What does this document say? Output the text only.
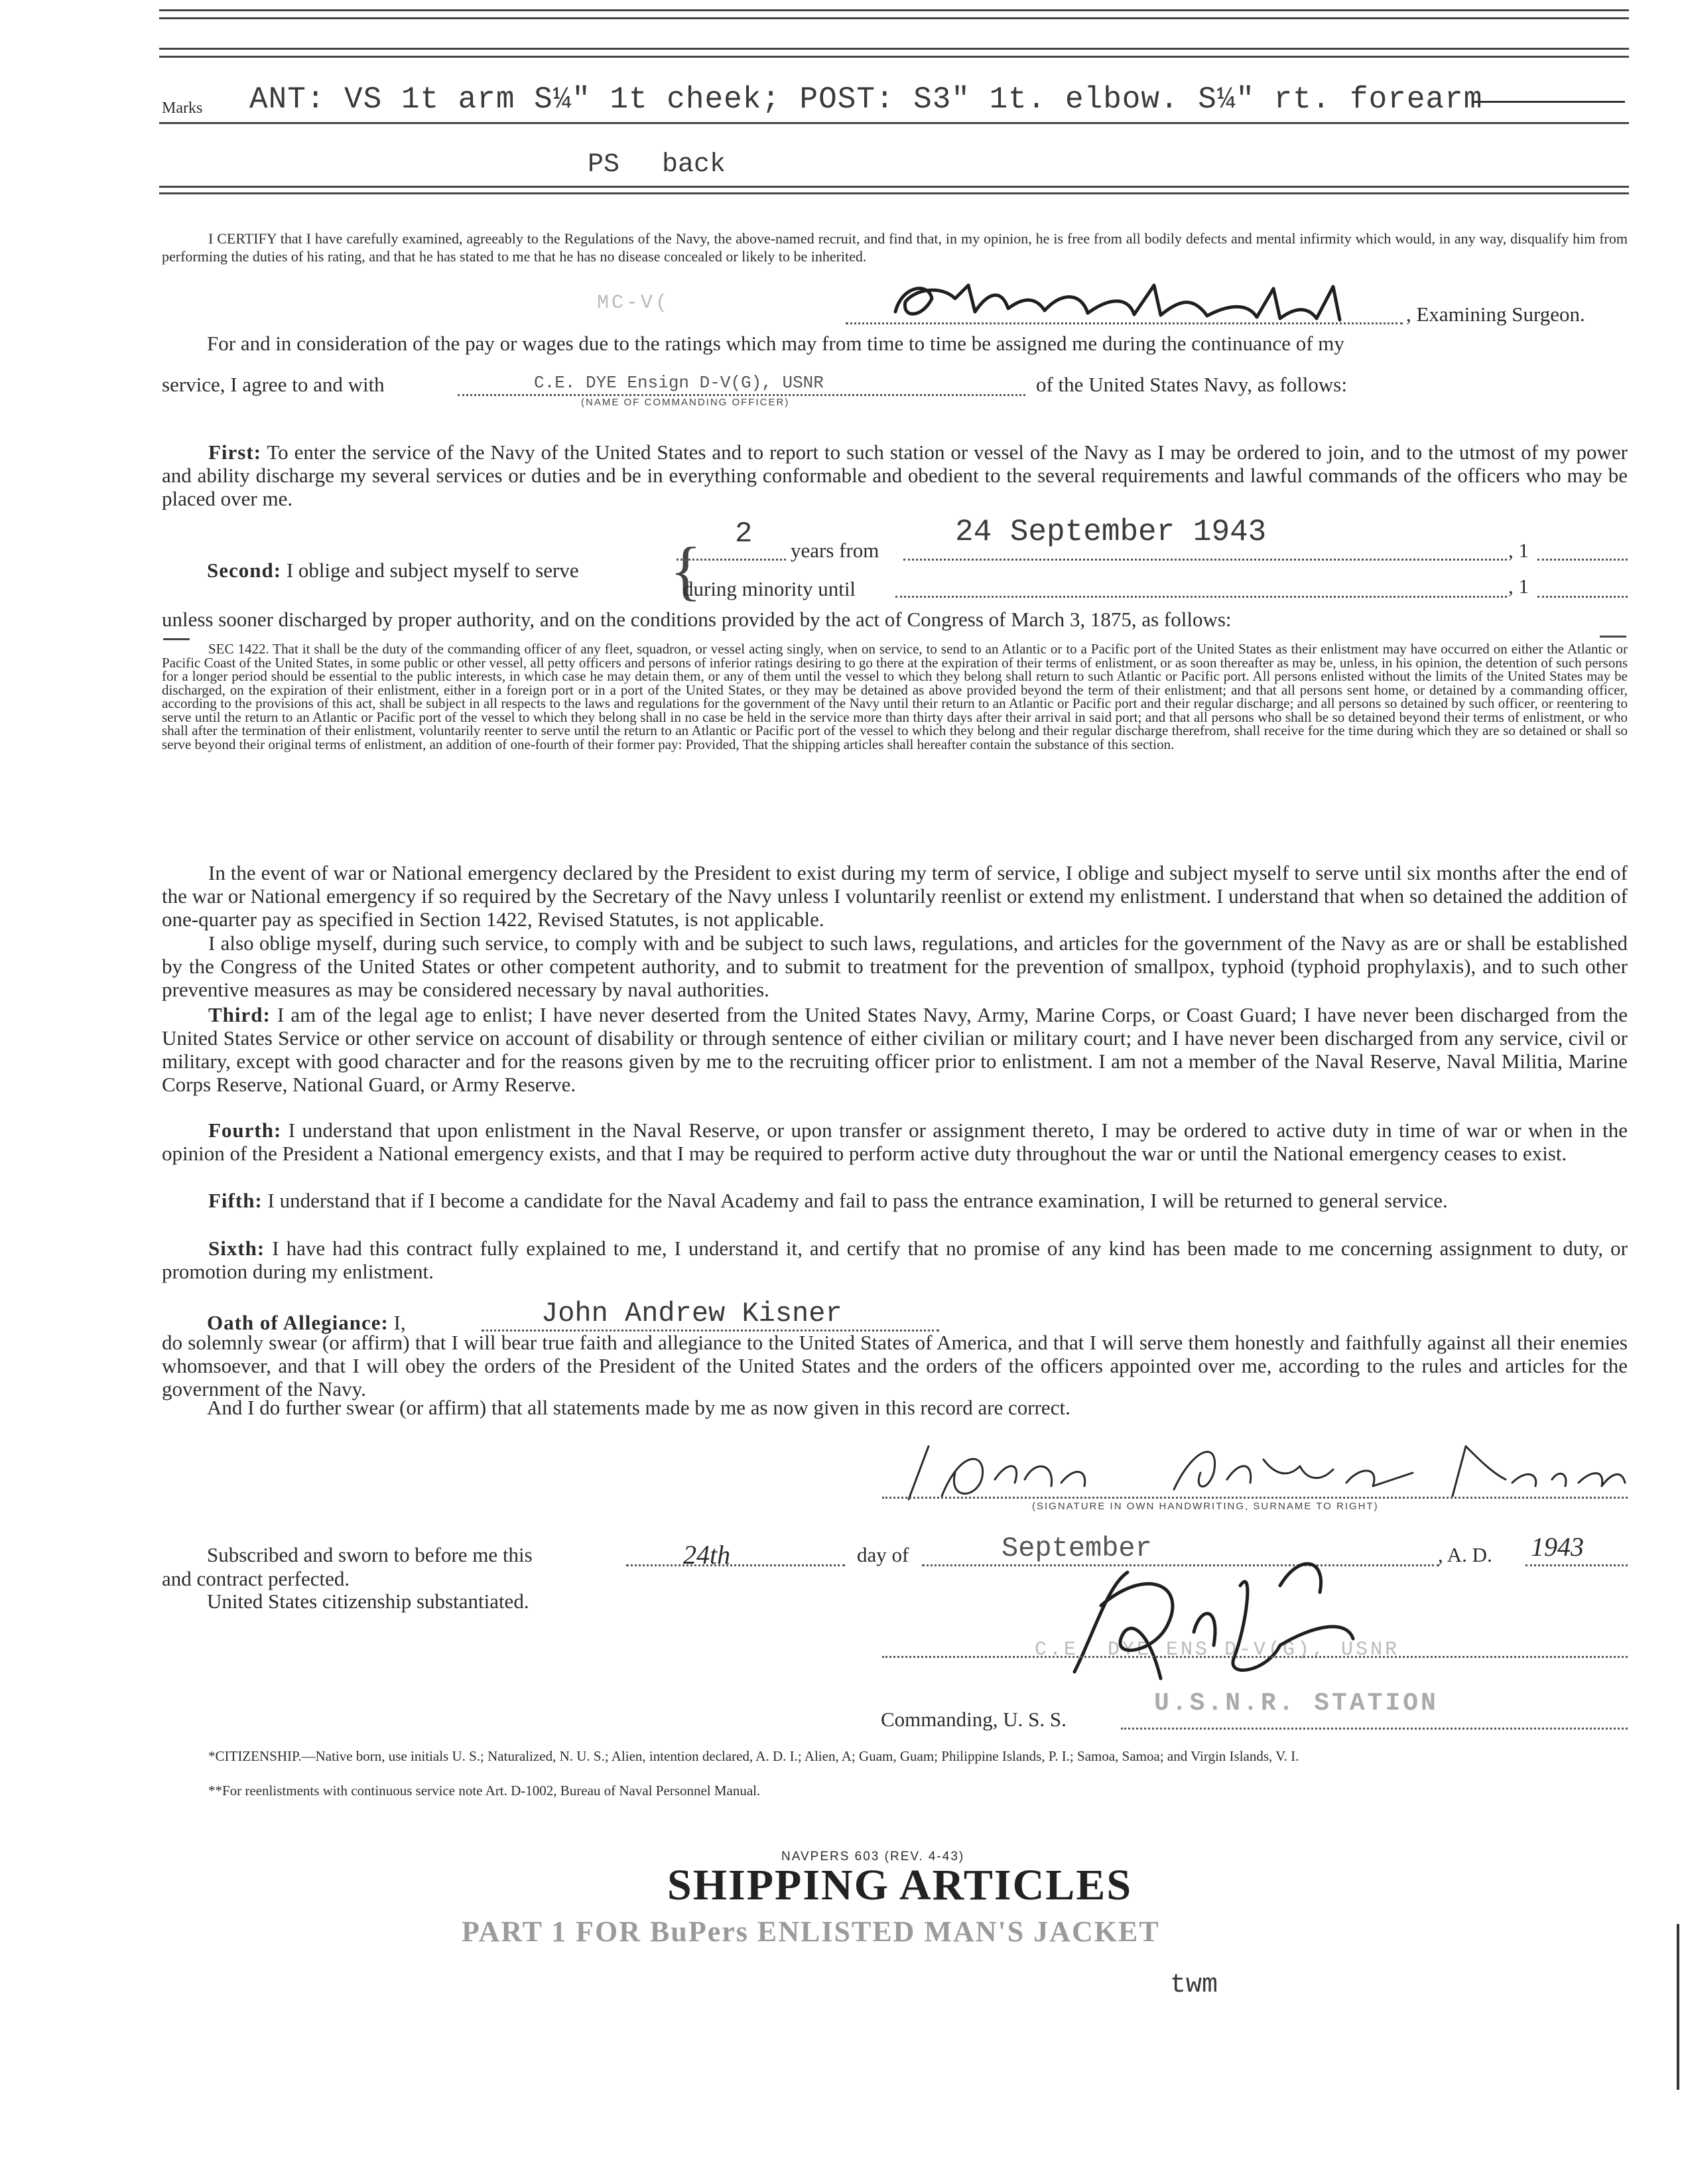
Marks ANT: VS 1t arm S¼" 1t cheek; POST: S3" 1t. elbow. S¼" rt. forearm
PS back
I CERTIFY that I have carefully examined, agreeably to the Regulations of the Navy, the above-named recruit, and find that, in my opinion, he is free from all bodily defects and mental infirmity which would, in any way, disqualify him from performing the duties of his rating, and that he has stated to me that he has no disease concealed or likely to be inherited.
MC-V(	, Examining Surgeon.
For and in consideration of the pay or wages due to the ratings which may from time to time be assigned me during the continuance of my
service, I agree to and with	C.E. DYE Ensign D-V(G), USNR
(NAME OF COMMANDING OFFICER)
of the United States Navy, as follows:
First: To enter the service of the Navy of the United States and to report to such station or vessel of the Navy as I may be ordered to join, and to the utmost of my power and ability discharge my several services or duties and be in everything conformable and obedient to the several requirements and lawful commands of the officers who may be placed over me.
Second: I oblige and subject myself to serve { 2 years from
24 September 1943
, 1
during minority until	, 1
unless sooner discharged by proper authority, and on the conditions provided by the act of Congress of March 3, 1875, as follows:
SEC 1422. That it shall be the duty of the commanding officer of any fleet, squadron, or vessel acting singly, when on service, to send to an Atlantic or to a Pacific port of the United States as their enlistment may have occurred on either the Atlantic or Pacific Coast of the United States, in some public or other vessel, all petty officers and persons of inferior ratings desiring to go there at the expiration of their terms of enlistment, or as soon thereafter as may be, unless, in his opinion, the detention of such persons for a longer period should be essential to the public interests, in which case he may detain them, or any of them until the vessel to which they belong shall return to such Atlantic or Pacific port. All persons enlisted without the limits of the United States may be discharged, on the expiration of their enlistment, either in a foreign port or in a port of the United States, or they may be detained as above provided beyond the term of their enlistment; and that all persons sent home, or detained by a commanding officer, according to the provisions of this act, shall be subject in all respects to the laws and regulations for the government of the Navy until their return to an Atlantic or Pacific port and their regular discharge; and all persons so detained by such officer, or reentering to serve until the return to an Atlantic or Pacific port of the vessel to which they belong shall in no case be held in the service more than thirty days after their arrival in said port; and that all persons who shall be so detained beyond their terms of enlistment, or who shall after the termination of their enlistment, voluntarily reenter to serve until the return to an Atlantic or Pacific port of the vessel to which they belong and their regular discharge therefrom, shall receive for the time during which they are so detained or shall so serve beyond their original terms of enlistment, an addition of one-fourth of their former pay: Provided, That the shipping articles shall hereafter contain the substance of this section.
In the event of war or National emergency declared by the President to exist during my term of service, I oblige and subject myself to serve until six months after the end of the war or National emergency if so required by the Secretary of the Navy unless I voluntarily reenlist or extend my enlistment. I understand that when so detained the addition of one-quarter pay as specified in Section 1422, Revised Statutes, is not applicable.
I also oblige myself, during such service, to comply with and be subject to such laws, regulations, and articles for the government of the Navy as are or shall be established by the Congress of the United States or other competent authority, and to submit to treatment for the prevention of smallpox, typhoid (typhoid prophylaxis), and to such other preventive measures as may be considered necessary by naval authorities.
Third: I am of the legal age to enlist; I have never deserted from the United States Navy, Army, Marine Corps, or Coast Guard; I have never been discharged from the United States Service or other service on account of disability or through sentence of either civilian or military court; and I have never been discharged from any service, civil or military, except with good character and for the reasons given by me to the recruiting officer prior to enlistment. I am not a member of the Naval Reserve, Naval Militia, Marine Corps Reserve, National Guard, or Army Reserve.
Fourth: I understand that upon enlistment in the Naval Reserve, or upon transfer or assignment thereto, I may be ordered to active duty in time of war or when in the opinion of the President a National emergency exists, and that I may be required to perform active duty throughout the war or until the National emergency ceases to exist.
Fifth: I understand that if I become a candidate for the Naval Academy and fail to pass the entrance examination, I will be returned to general service.
Sixth: I have had this contract fully explained to me, I understand it, and certify that no promise of any kind has been made to me concerning assignment to duty, or promotion during my enlistment.
Oath of Allegiance: I,	John Andrew Kisner
do solemnly swear (or affirm) that I will bear true faith and allegiance to the United States of America, and that I will serve them honestly and faithfully against all their enemies whomsoever, and that I will obey the orders of the President of the United States and the orders of the officers appointed over me, according to the rules and articles for the government of the Navy.
And I do further swear (or affirm) that all statements made by me as now given in this record are correct.
(SIGNATURE IN OWN HANDWRITING, SURNAME TO RIGHT)
Subscribed and sworn to before me this	24th	day of	September	, A. D. 1943
and contract perfected.
United States citizenship substantiated.
C.E. DYE ENS D-V(G), USNR
Commanding, U. S. S.
U.S.N.R. STATION
*CITIZENSHIP.—Native born, use initials U. S.; Naturalized, N. U. S.; Alien, intention declared, A. D. I.; Alien, A; Guam, Guam; Philippine Islands, P. I.; Samoa, Samoa; and Virgin Islands, V. I.
**For reenlistments with continuous service note Art. D-1002, Bureau of Naval Personnel Manual.
NAVPERS 603 (REV. 4-43)
SHIPPING ARTICLES
PART 1 FOR BuPers ENLISTED MAN'S JACKET
twm
